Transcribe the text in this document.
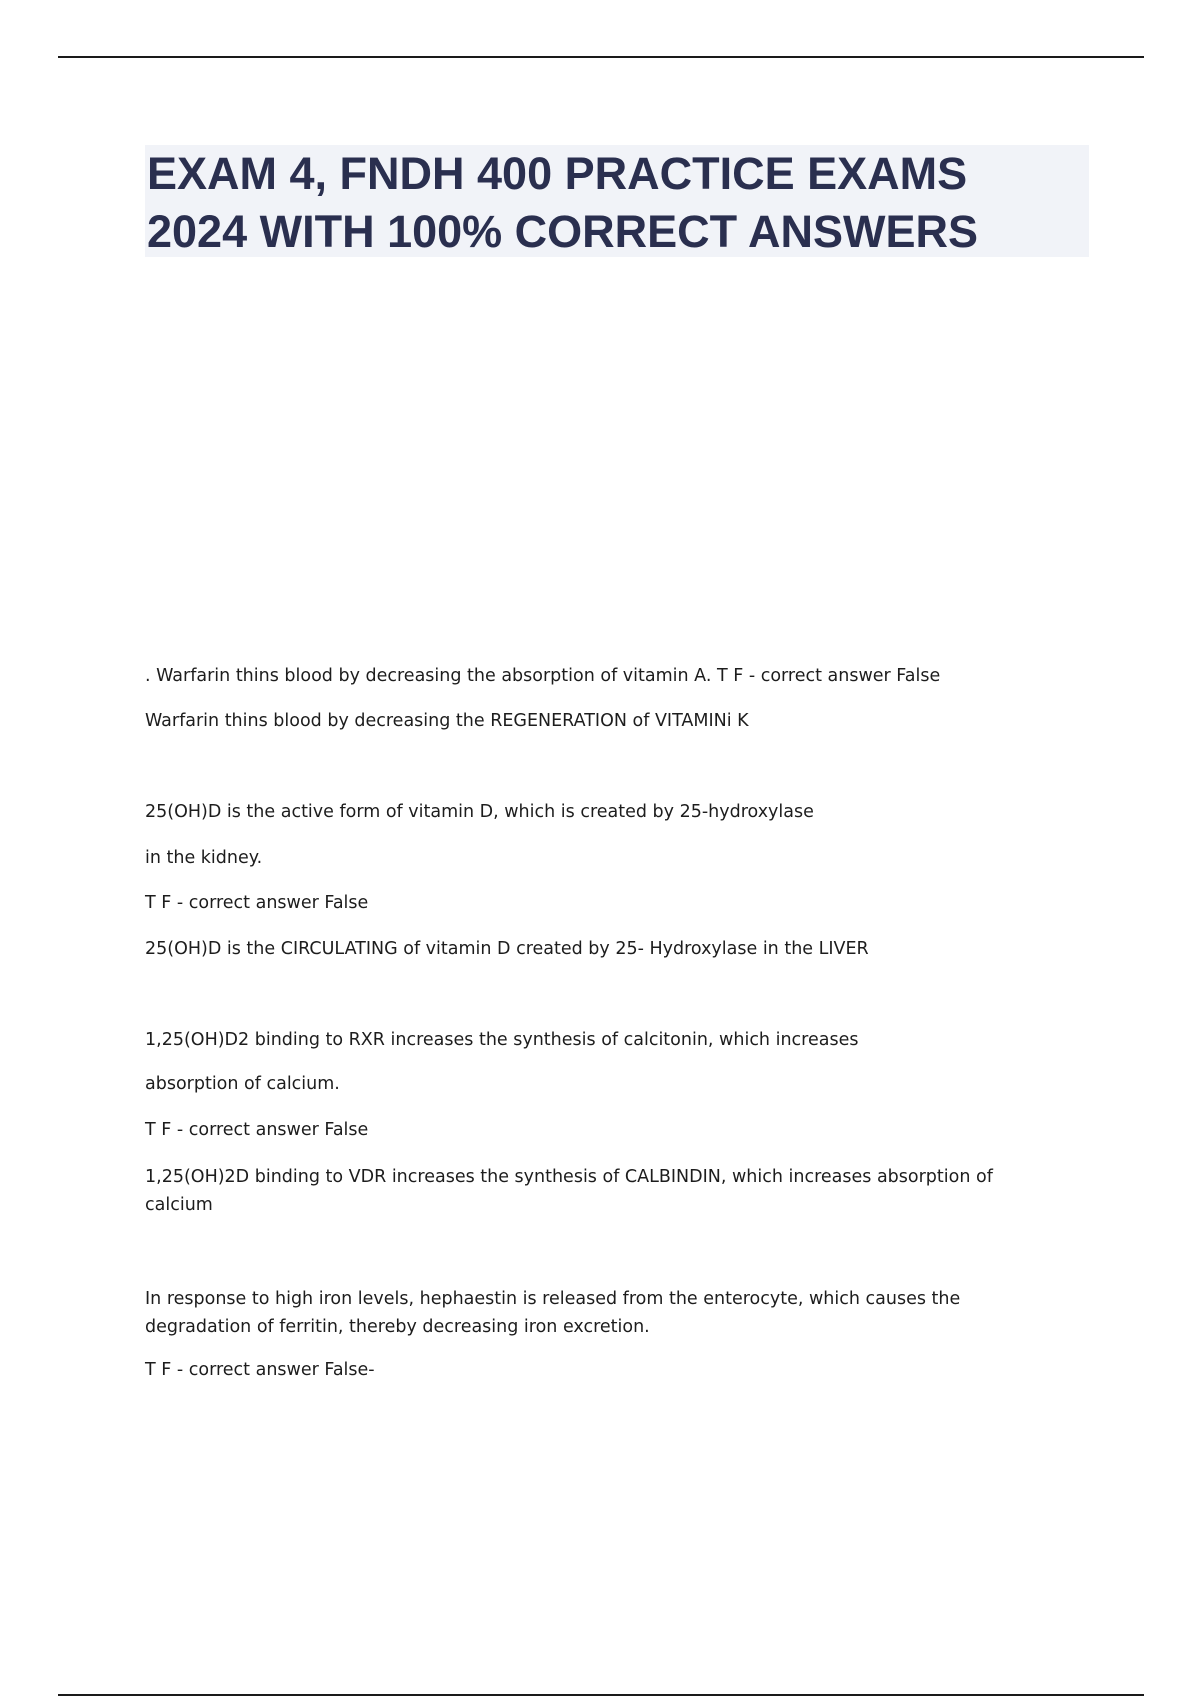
EXAM 4, FNDH 400 PRACTICE EXAMS
2024 WITH 100% CORRECT ANSWERS
. Warfarin thins blood by decreasing the absorption of vitamin A. T F - correct answer False
Warfarin thins blood by decreasing the REGENERATION of VITAMINi K
25(OH)D is the active form of vitamin D, which is created by 25-hydroxylase
in the kidney.
T F - correct answer False
25(OH)D is the CIRCULATING of vitamin D created by 25- Hydroxylase in the LIVER
1,25(OH)D2 binding to RXR increases the synthesis of calcitonin, which increases
absorption of calcium.
T F - correct answer False
1,25(OH)2D binding to VDR increases the synthesis of CALBINDIN, which increases absorption of calcium
In response to high iron levels, hephaestin is released from the enterocyte, which causes the degradation of ferritin, thereby decreasing iron excretion.
T F - correct answer False-
